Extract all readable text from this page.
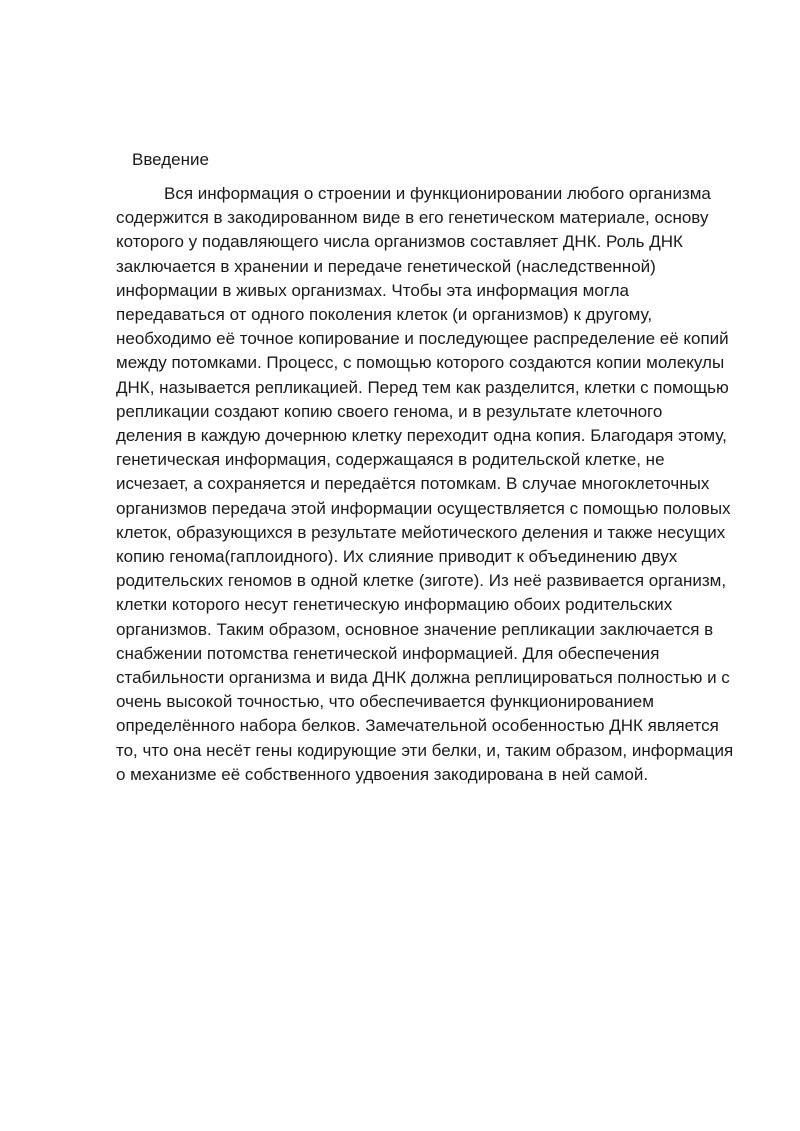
Введение

Вся информация о строении и функционировании любого организма
содержится в закодированном виде в его генетическом материале, основу
которого у подавляющего числа организмов составляет ДНК. Роль ДНК
заключается в хранении и передаче генетической (наследственной)
информации в живых организмах. Чтобы эта информация могла
передаваться от одного поколения клеток (и организмов) к другому,
необходимо её точное копирование и последующее распределение её копий
между потомками. Процесс, с помощью которого создаются копии молекулы
ДНК, называется репликацией. Перед тем как разделится, клетки с помощью
репликации создают копию своего генома, и в результате клеточного
деления в каждую дочернюю клетку переходит одна копия. Благодаря этому,
генетическая информация, содержащаяся в родительской клетке, не
исчезает, а сохраняется и передаётся потомкам. В случае многоклеточных
организмов передача этой информации осуществляется с помощью половых
клеток, образующихся в результате мейотического деления и также несущих
копию генома(гаплоидного). Их слияние приводит к объединению двух
родительских геномов в одной клетке (зиготе). Из неё развивается организм,
клетки которого несут генетическую информацию обоих родительских
организмов. Таким образом, основное значение репликации заключается в
снабжении потомства генетической информацией. Для обеспечения
стабильности организма и вида ДНК должна реплицироваться полностью и с
очень высокой точностью, что обеспечивается функционированием
определённого набора белков. Замечательной особенностью ДНК является
то, что она несёт гены кодирующие эти белки, и, таким образом, информация
о механизме её собственного удвоения закодирована в ней самой.
